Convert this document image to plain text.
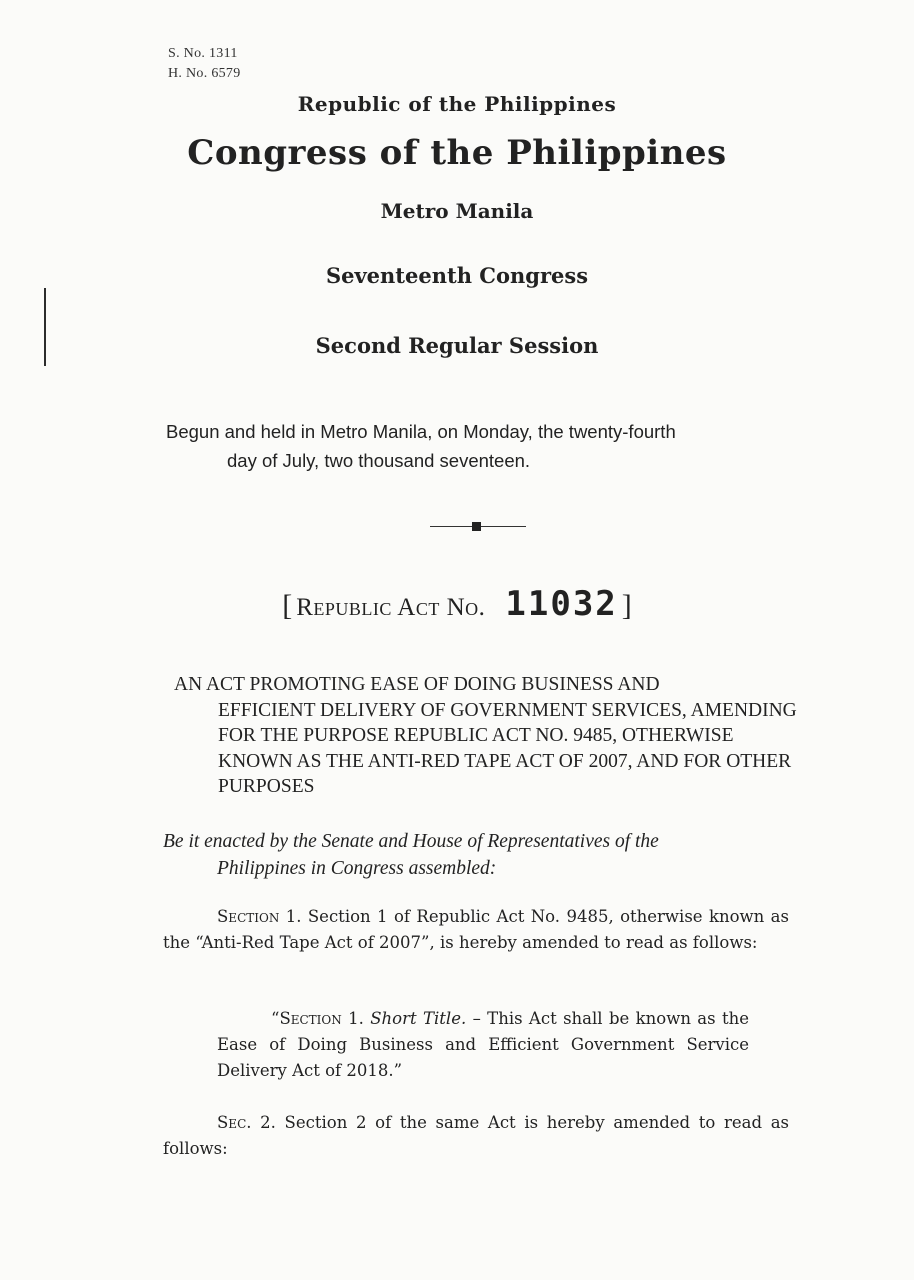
S. No. 1311
H. No. 6579
Republic of the Philippines
Congress of the Philippines
Metro Manila
Seventeenth Congress
Second Regular Session
Begun and held in Metro Manila, on Monday, the twenty-fourth
day of July, two thousand seventeen.
[ Republic Act No. 11032 ]
AN ACT PROMOTING EASE OF DOING BUSINESS AND
EFFICIENT DELIVERY OF GOVERNMENT SERVICES, AMENDING FOR THE PURPOSE REPUBLIC ACT NO. 9485, OTHERWISE KNOWN AS THE ANTI-RED TAPE ACT OF 2007, AND FOR OTHER PURPOSES
Be it enacted by the Senate and House of Representatives of the
Philippines in Congress assembled:
Section 1. Section 1 of Republic Act No. 9485, otherwise known as the “Anti-Red Tape Act of 2007”, is hereby amended to read as follows:
“Section 1. Short Title. – This Act shall be known as the Ease of Doing Business and Efficient Government Service Delivery Act of 2018.”
Sec. 2. Section 2 of the same Act is hereby amended to read as follows:
